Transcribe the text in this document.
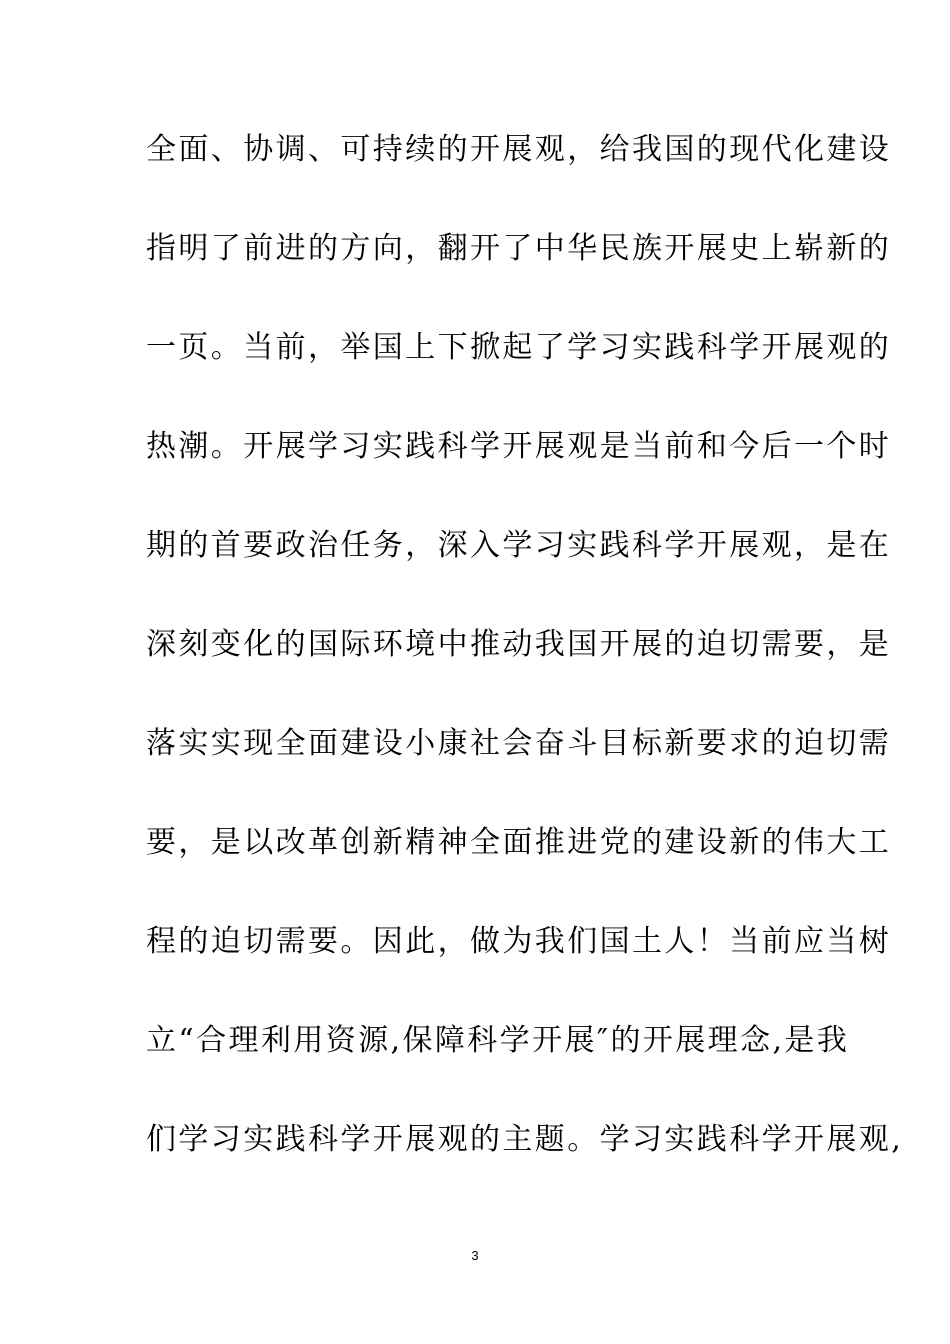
全面、协调、可持续的开展观，给我国的现代化建设
指明了前进的方向，翻开了中华民族开展史上崭新的
一页。当前，举国上下掀起了学习实践科学开展观的
热潮。开展学习实践科学开展观是当前和今后一个时
期的首要政治任务，深入学习实践科学开展观，是在
深刻变化的国际环境中推动我国开展的迫切需要，是
落实实现全面建设小康社会奋斗目标新要求的迫切需
要，是以改革创新精神全面推进党的建设新的伟大工
程的迫切需要。因此，做为我们国土人！当前应当树
立“合理利用资源,保障科学开展″的开展理念,是我
们学习实践科学开展观的主题。学习实践科学开展观,
3
